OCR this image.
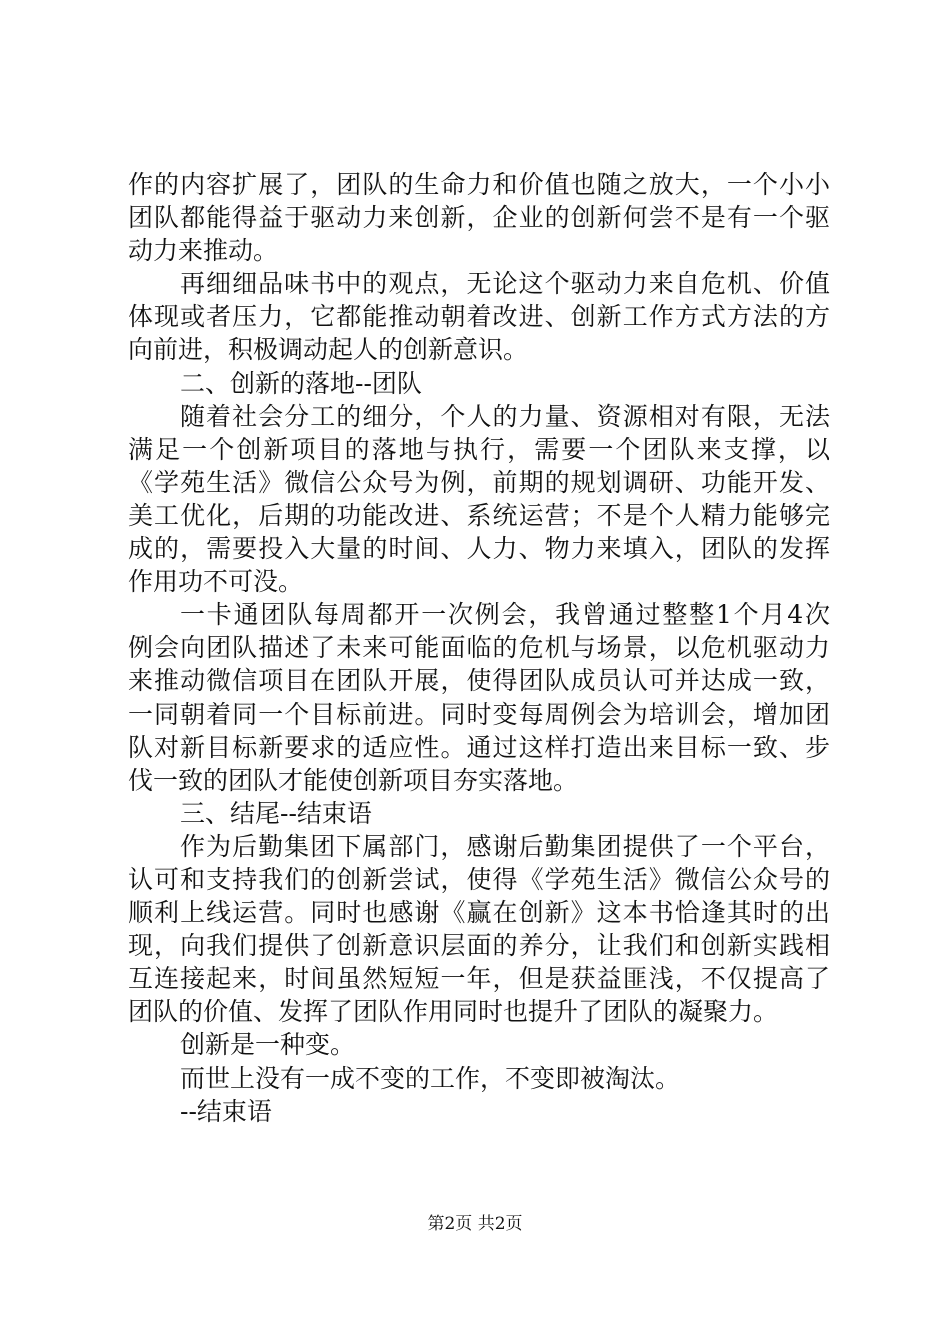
作的内容扩展了，团队的生命力和价值也随之放大，一个小小
团队都能得益于驱动力来创新，企业的创新何尝不是有一个驱
动力来推动。
再细细品味书中的观点，无论这个驱动力来自危机、价值
体现或者压力，它都能推动朝着改进、创新工作方式方法的方
向前进，积极调动起人的创新意识。
二、创新的落地--团队
随着社会分工的细分，个人的力量、资源相对有限，无法
满足一个创新项目的落地与执行，需要一个团队来支撑，以
《学苑生活》微信公众号为例，前期的规划调研、功能开发、
美工优化，后期的功能改进、系统运营；不是个人精力能够完
成的，需要投入大量的时间、人力、物力来填入，团队的发挥
作用功不可没。
一卡通团队每周都开一次例会，我曾通过整整1个月4次
例会向团队描述了未来可能面临的危机与场景，以危机驱动力
来推动微信项目在团队开展，使得团队成员认可并达成一致，
一同朝着同一个目标前进。同时变每周例会为培训会，增加团
队对新目标新要求的适应性。通过这样打造出来目标一致、步
伐一致的团队才能使创新项目夯实落地。
三、结尾--结束语
作为后勤集团下属部门，感谢后勤集团提供了一个平台，
认可和支持我们的创新尝试，使得《学苑生活》微信公众号的
顺利上线运营。同时也感谢《赢在创新》这本书恰逢其时的出
现，向我们提供了创新意识层面的养分，让我们和创新实践相
互连接起来，时间虽然短短一年，但是获益匪浅，不仅提高了
团队的价值、发挥了团队作用同时也提升了团队的凝聚力。
创新是一种变。
而世上没有一成不变的工作，不变即被淘汰。
--结束语
第2页 共2页
